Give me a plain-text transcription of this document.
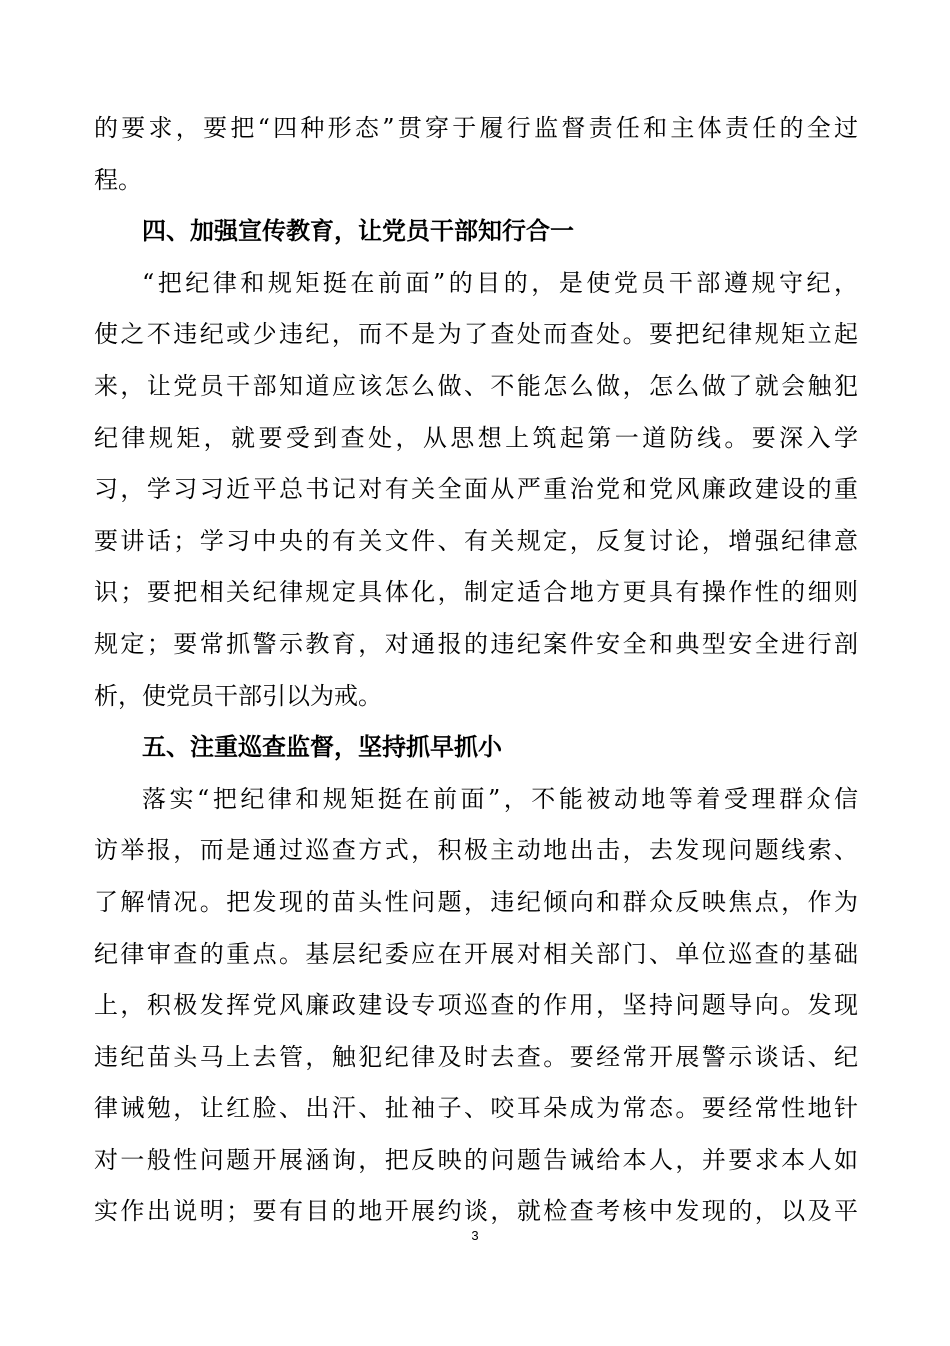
的要求，要把“四种形态”贯穿于履行监督责任和主体责任的全过
程。
四、加强宣传教育，让党员干部知行合一
“把纪律和规矩挺在前面”的目的，是使党员干部遵规守纪，
使之不违纪或少违纪，而不是为了查处而查处。要把纪律规矩立起
来，让党员干部知道应该怎么做、不能怎么做，怎么做了就会触犯
纪律规矩，就要受到查处，从思想上筑起第一道防线。要深入学
习，学习习近平总书记对有关全面从严重治党和党风廉政建设的重
要讲话；学习中央的有关文件、有关规定，反复讨论，增强纪律意
识；要把相关纪律规定具体化，制定适合地方更具有操作性的细则
规定；要常抓警示教育，对通报的违纪案件安全和典型安全进行剖
析，使党员干部引以为戒。
五、注重巡查监督，坚持抓早抓小
落实“把纪律和规矩挺在前面”，不能被动地等着受理群众信
访举报，而是通过巡查方式，积极主动地出击，去发现问题线索、
了解情况。把发现的苗头性问题，违纪倾向和群众反映焦点，作为
纪律审查的重点。基层纪委应在开展对相关部门、单位巡查的基础
上，积极发挥党风廉政建设专项巡查的作用，坚持问题导向。发现
违纪苗头马上去管，触犯纪律及时去查。要经常开展警示谈话、纪
律诫勉，让红脸、出汗、扯袖子、咬耳朵成为常态。要经常性地针
对一般性问题开展涵询，把反映的问题告诫给本人，并要求本人如
实作出说明；要有目的地开展约谈，就检查考核中发现的，以及平
3
